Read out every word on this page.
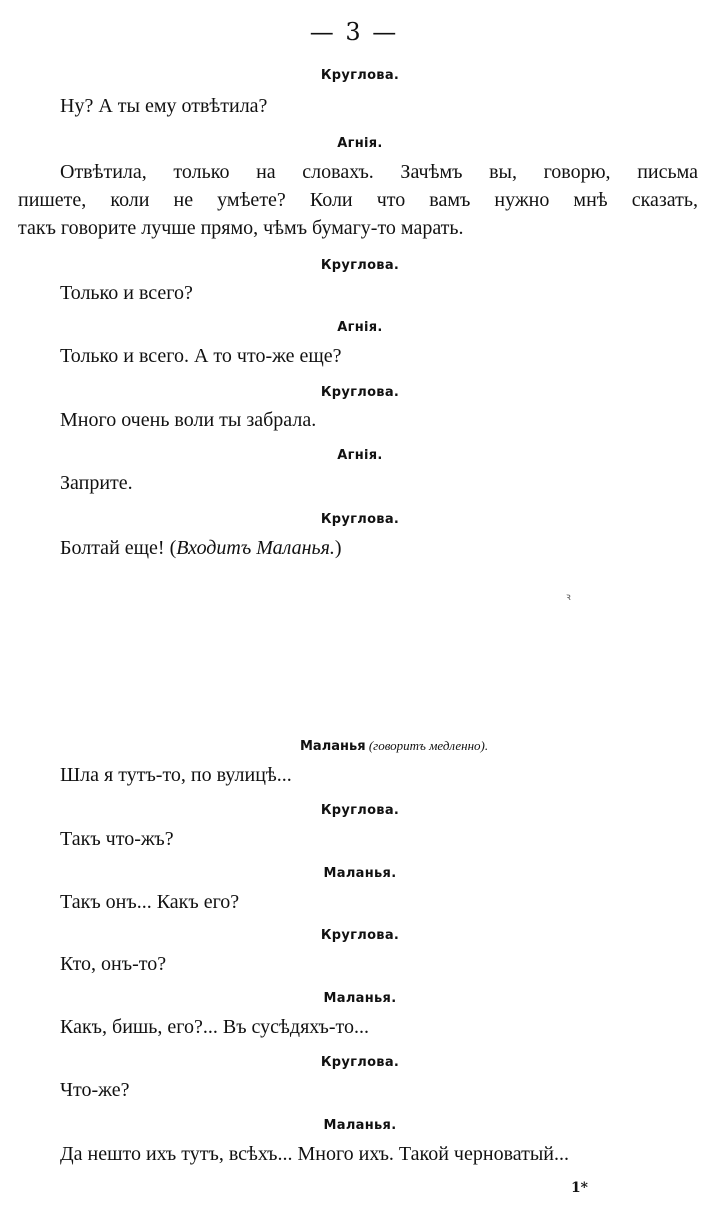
— 3 —
Круглова.
Ну? А ты ему отвѣтила?
Агнія.
Отвѣтила, только на словахъ. Зачѣмъ вы, говорю, письма
пишете, коли не умѣете? Коли что вамъ нужно мнѣ сказать,
такъ говорите лучше прямо, чѣмъ бумагу-то марать.
Круглова.
Только и всего?
Агнія.
Только и всего. А то что-же еще?
Круглова.
Много очень воли ты забрала.
Агнія.
Заприте.
Круглова.
Болтай еще! (Входитъ Маланья.)
ꝛ
Маланья (говоритъ медленно).
Шла я тутъ-то, по вулицѣ...
Круглова.
Такъ что-жъ?
Маланья.
Такъ онъ... Какъ его?
Круглова.
Кто, онъ-то?
Маланья.
Какъ, бишь, его?... Въ сусѣдяхъ-то...
Круглова.
Что-же?
Маланья.
Да нешто ихъ тутъ, всѣхъ... Много ихъ. Такой черноватый...
1*
